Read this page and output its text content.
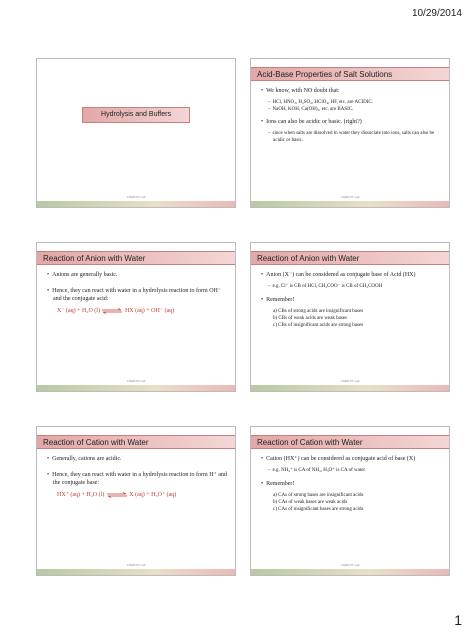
10/29/2014
Hydrolysis and Buffers
CHEM 57 Lab
Acid-Base Properties of Salt Solutions

• We know, with NO doubt that:

– HCl, HNO₃, H₂SO₄, HClO₄, HF, etc. are ACIDIC.

– NaOH, KOH, Ca(OH)₂, etc. are BASIC.

• Ions can also be acidic or basic. (right?)

– since when salts are dissolved in water they dissociate into ions, salts can also be acidic or basic.

CHEM 57 Lab
Reaction of Anion with Water

• Anions are generally basic.

• Hence, they can react with water in a hydrolysis reaction to form OH⁻ and the conjugate acid:

X⁻ (aq) + H₂O (l) ⇌ HX (aq) + OH⁻ (aq)
CHEM 57 Lab
Reaction of Anion with Water

• Anion (X⁻) can be considered as conjugate base of Acid (HX)

– e.g. Cl⁻ is CB of HCl, CH₃COO⁻ is CB of CH₃COOH

• Remember!

a) CBs of strong acids are insignificant bases

b) CBs of weak acids are weak bases

c) CBs of insignificant acids are strong bases

CHEM 57 Lab
Reaction of Cation with Water

• Generally, cations are acidic.

• Hence, they can react with water in a hydrolysis reaction to form H⁺ and the conjugate base:

HX⁺ (aq) + H₂O (l) ⇌ X (aq) + H₃O⁺ (aq)
CHEM 57 Lab
Reaction of Cation with Water

• Cation (HX⁺) can be considered as conjugate acid of base (X)

– e.g. NH₄⁺ is CA of NH₃, H₃O⁺ is CA of water

• Remember!

a) CAs of strong bases are insignificant acids

b) CAs of weak bases are weak acids

c) CAs of insignificant bases are strong acids

CHEM 57 Lab
1
